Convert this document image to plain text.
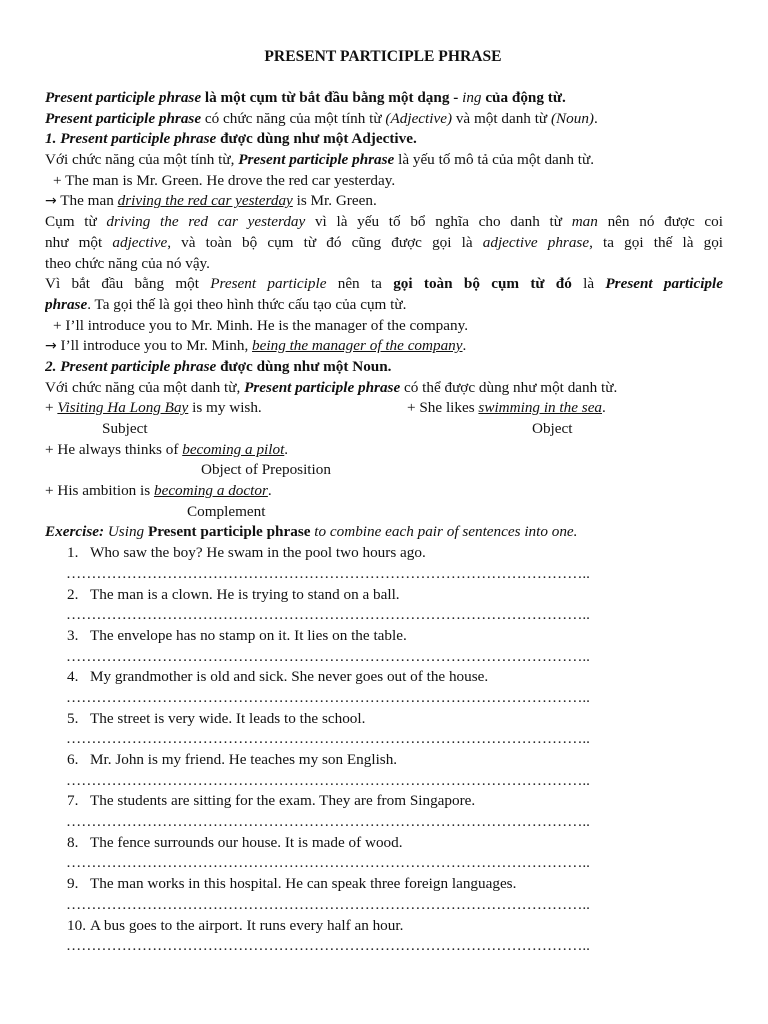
PRESENT PARTICIPLE PHRASE
Present participle phrase là một cụm từ bắt đầu bằng một dạng - ing của động từ.
Present participle phrase có chức năng của một tính từ (Adjective) và một danh từ (Noun).
1. Present participle phrase được dùng như một Adjective.
Với chức năng của một tính từ, Present participle phrase là yếu tố mô tả của một danh từ.
+ The man is Mr. Green. He drove the red car yesterday.
→ The man driving the red car yesterday is Mr. Green.
Cụm từ driving the red car yesterday vì là yếu tố bổ nghĩa cho danh từ man nên nó được coi
như một adjective, và toàn bộ cụm từ đó cũng được gọi là adjective phrase, ta gọi thế là gọi
theo chức năng của nó vậy.
Vì bắt đầu bằng một Present participle nên ta gọi toàn bộ cụm từ đó là Present participle
phrase. Ta gọi thế là gọi theo hình thức cấu tạo của cụm từ.
+ I’ll introduce you to Mr. Minh. He is the manager of the company.
→ I’ll introduce you to Mr. Minh, being the manager of the company.
2. Present participle phrase được dùng như một Noun.
Với chức năng của một danh từ, Present participle phrase có thể được dùng như một danh từ.
+ Visiting Ha Long Bay is my wish.	+ She likes swimming in the sea.
Subject	Object
+ He always thinks of becoming a pilot.
Object of Preposition
+ His ambition is becoming a doctor.
Complement
Exercise: Using Present participle phrase to combine each pair of sentences into one.
1. Who saw the boy? He swam in the pool two hours ago.
…………………………………………………………………………………………..
2. The man is a clown. He is trying to stand on a ball.
…………………………………………………………………………………………..
3. The envelope has no stamp on it. It lies on the table.
…………………………………………………………………………………………..
4. My grandmother is old and sick. She never goes out of the house.
…………………………………………………………………………………………..
5. The street is very wide. It leads to the school.
…………………………………………………………………………………………..
6. Mr. John is my friend. He teaches my son English.
…………………………………………………………………………………………..
7. The students are sitting for the exam. They are from Singapore.
…………………………………………………………………………………………..
8. The fence surrounds our house. It is made of wood.
…………………………………………………………………………………………..
9. The man works in this hospital. He can speak three foreign languages.
…………………………………………………………………………………………..
10. A bus goes to the airport. It runs every half an hour.
…………………………………………………………………………………………..
